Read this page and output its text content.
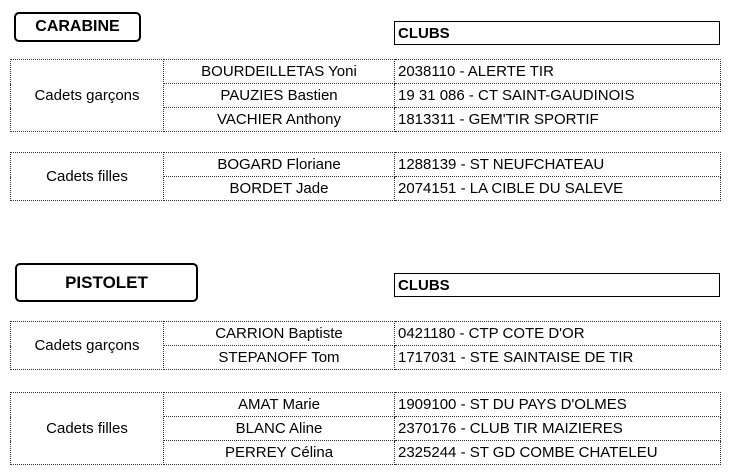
CARABINE	CLUBS
Cadets garçons	BOURDEILLETAS Yoni	2038110 - ALERTE TIR
	PAUZIES Bastien	19 31 086 - CT SAINT-GAUDINOIS
	VACHIER Anthony	1813311 - GEM'TIR SPORTIF
Cadets filles	BOGARD Floriane	1288139 - ST NEUFCHATEAU
	BORDET Jade	2074151 - LA CIBLE DU SALEVE
PISTOLET	CLUBS
Cadets garçons	CARRION Baptiste	0421180 - CTP COTE D'OR
	STEPANOFF Tom	1717031 - STE SAINTAISE DE TIR
Cadets filles	AMAT Marie	1909100 - ST DU PAYS D'OLMES
	BLANC Aline	2370176 - CLUB TIR MAIZIERES
	PERREY Célina	2325244 - ST GD COMBE CHATELEU
